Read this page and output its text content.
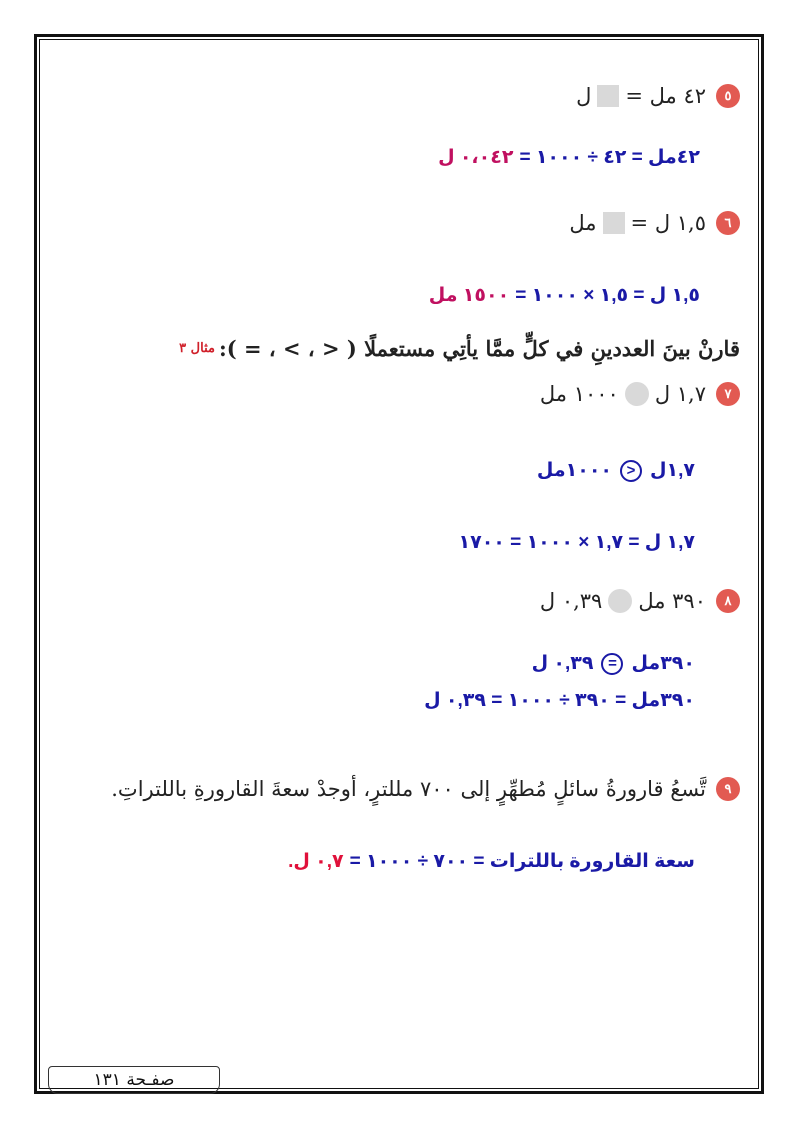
٥
٤٢ مل =
ل
٤٢مل = ٤٢ ÷ ١٠٠٠ =
٠،٠٤٢ ل
٦
١,٥ ل =
مل
١,٥ ل = ١,٥ × ١٠٠٠ =
١٥٠٠ مل
قارنْ بينَ العددينِ في كلٍّ ممَّا يأتِي مستعملًا ( < ، > ، = ):
مثال ٣
٧
١,٧ ل
١٠٠٠ مل
١,٧ل
<
١٠٠٠مل
١,٧ ل = ١,٧ × ١٠٠٠ = ١٧٠٠
٨
٣٩٠ مل
٠,٣٩ ل
٣٩٠مل
=
٠,٣٩ ل
٣٩٠مل = ٣٩٠ ÷ ١٠٠٠ = ٠,٣٩ ل
٩
تَّسعُ قارورةُ سائلٍ مُطهِّرٍ إلى ٧٠٠ مللترٍ، أوجدْ سعةَ القارورةِ باللتراتِ.
سعة القارورة باللترات = ٧٠٠ ÷ ١٠٠٠ =
٠,٧ ل.
صفـحة ١٣١
